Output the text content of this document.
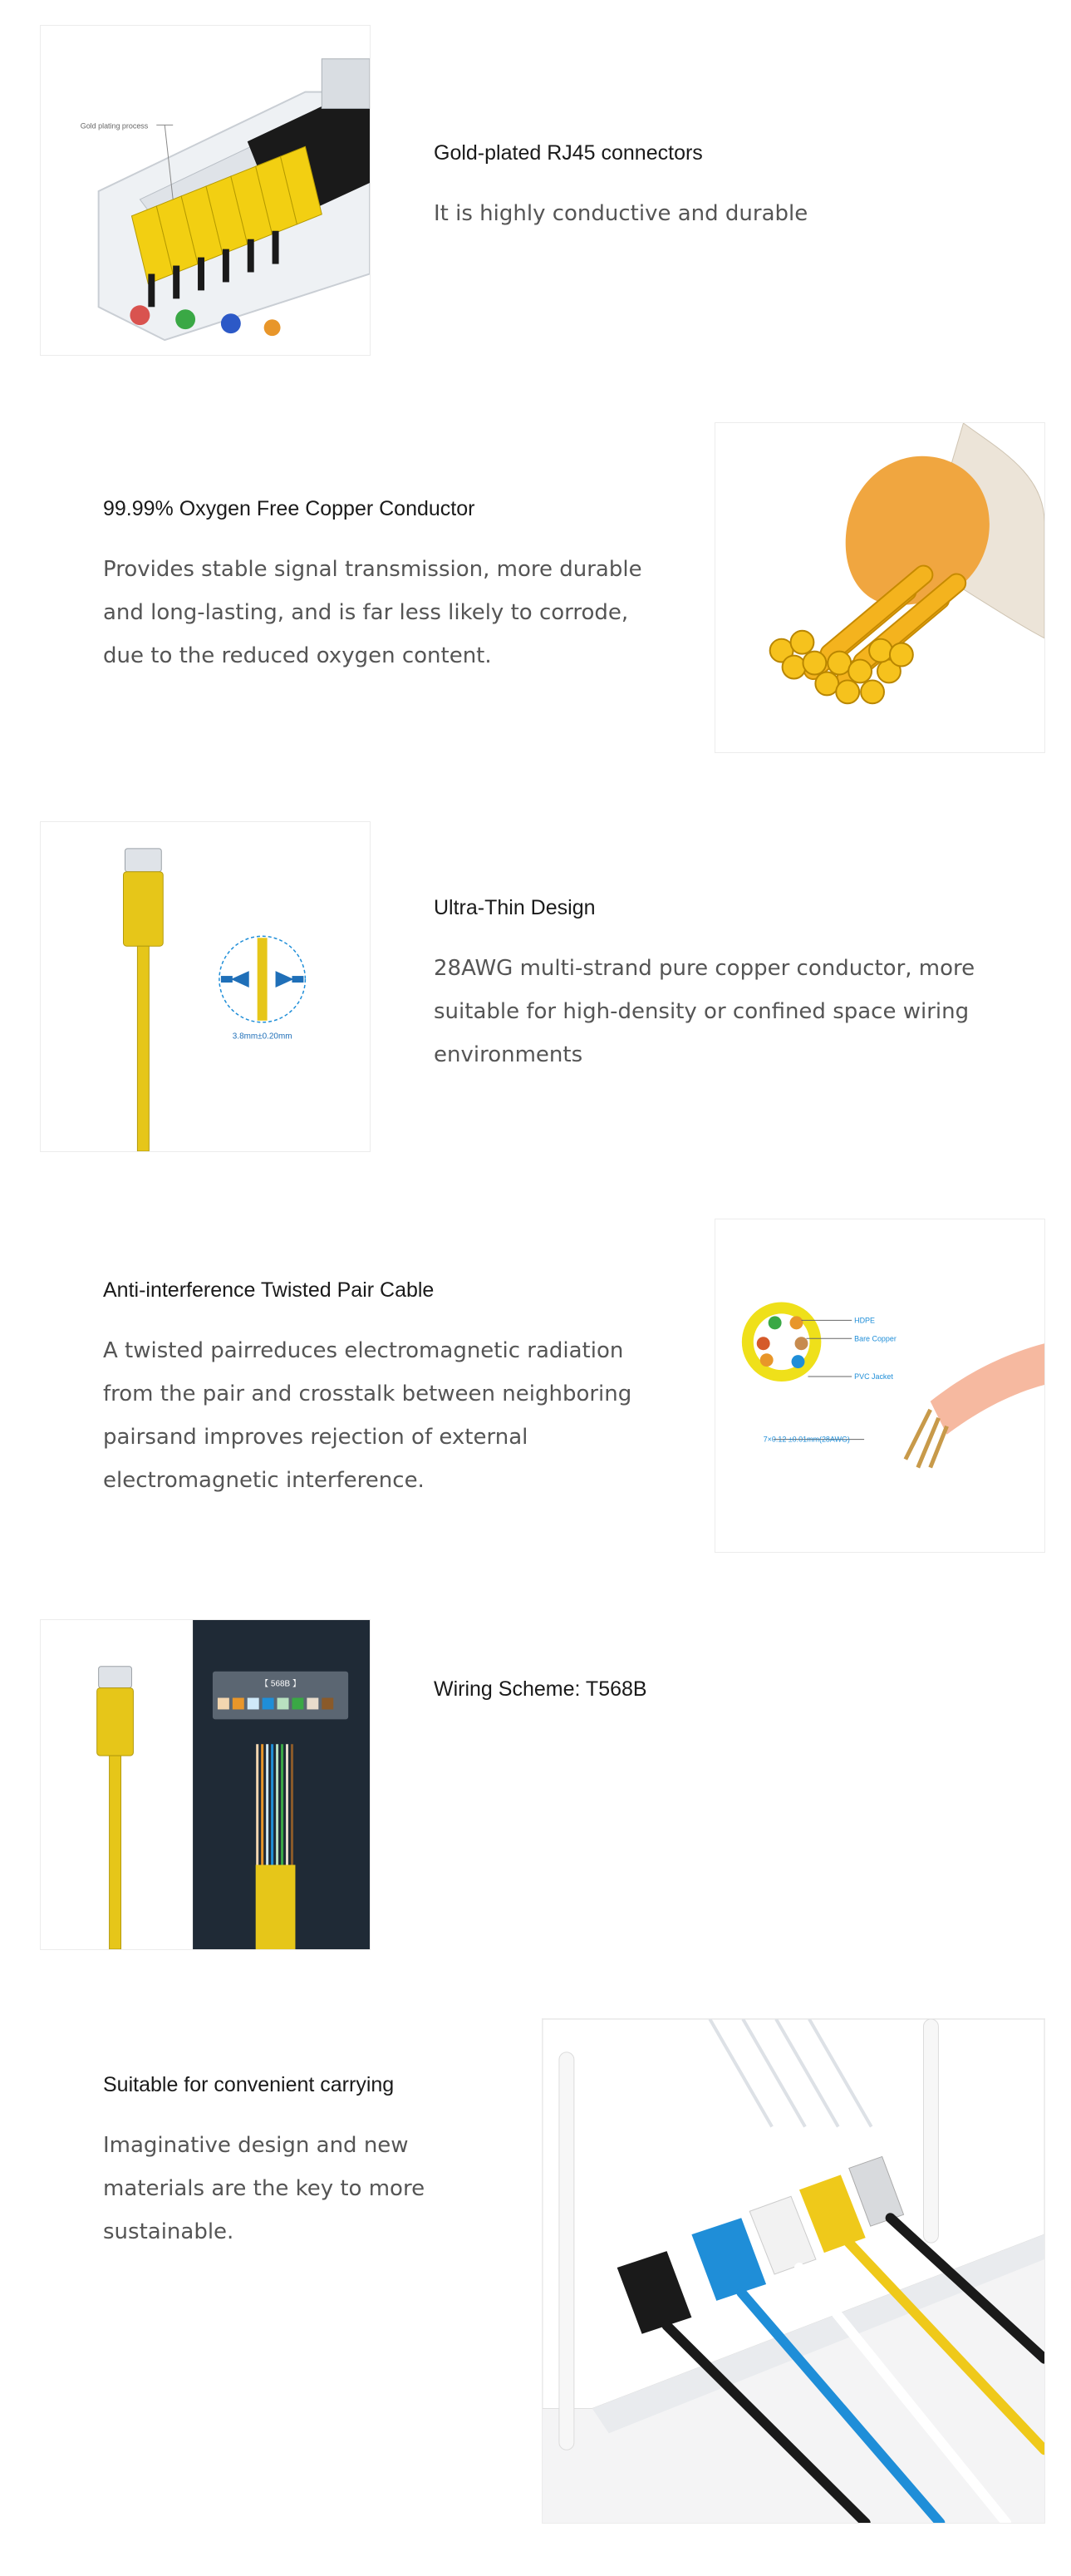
Gold plating process
Gold-plated RJ45 connectors

It is highly conductive and durable

99.99% Oxygen Free Copper Conductor

Provides stable signal transmission, more durable and long-lasting, and is far less likely to corrode, due to the reduced oxygen content.

3.8mm±0.20mm
Ultra-Thin Design

28AWG multi-strand pure copper conductor, more suitable for high-density or confined space wiring environments

Anti-interference Twisted Pair Cable

A twisted pairreduces electromagnetic radiation from the pair and crosstalk between neighboring pairsand improves rejection of external electromagnetic interference.

HDPE
Bare Copper
PVC Jacket
7×0.12 ±0.01mm(28AWG)
【 568B 】	Wiring Scheme: T568B

Suitable for convenient carrying

Imaginative design and new materials are the key to more sustainable.
